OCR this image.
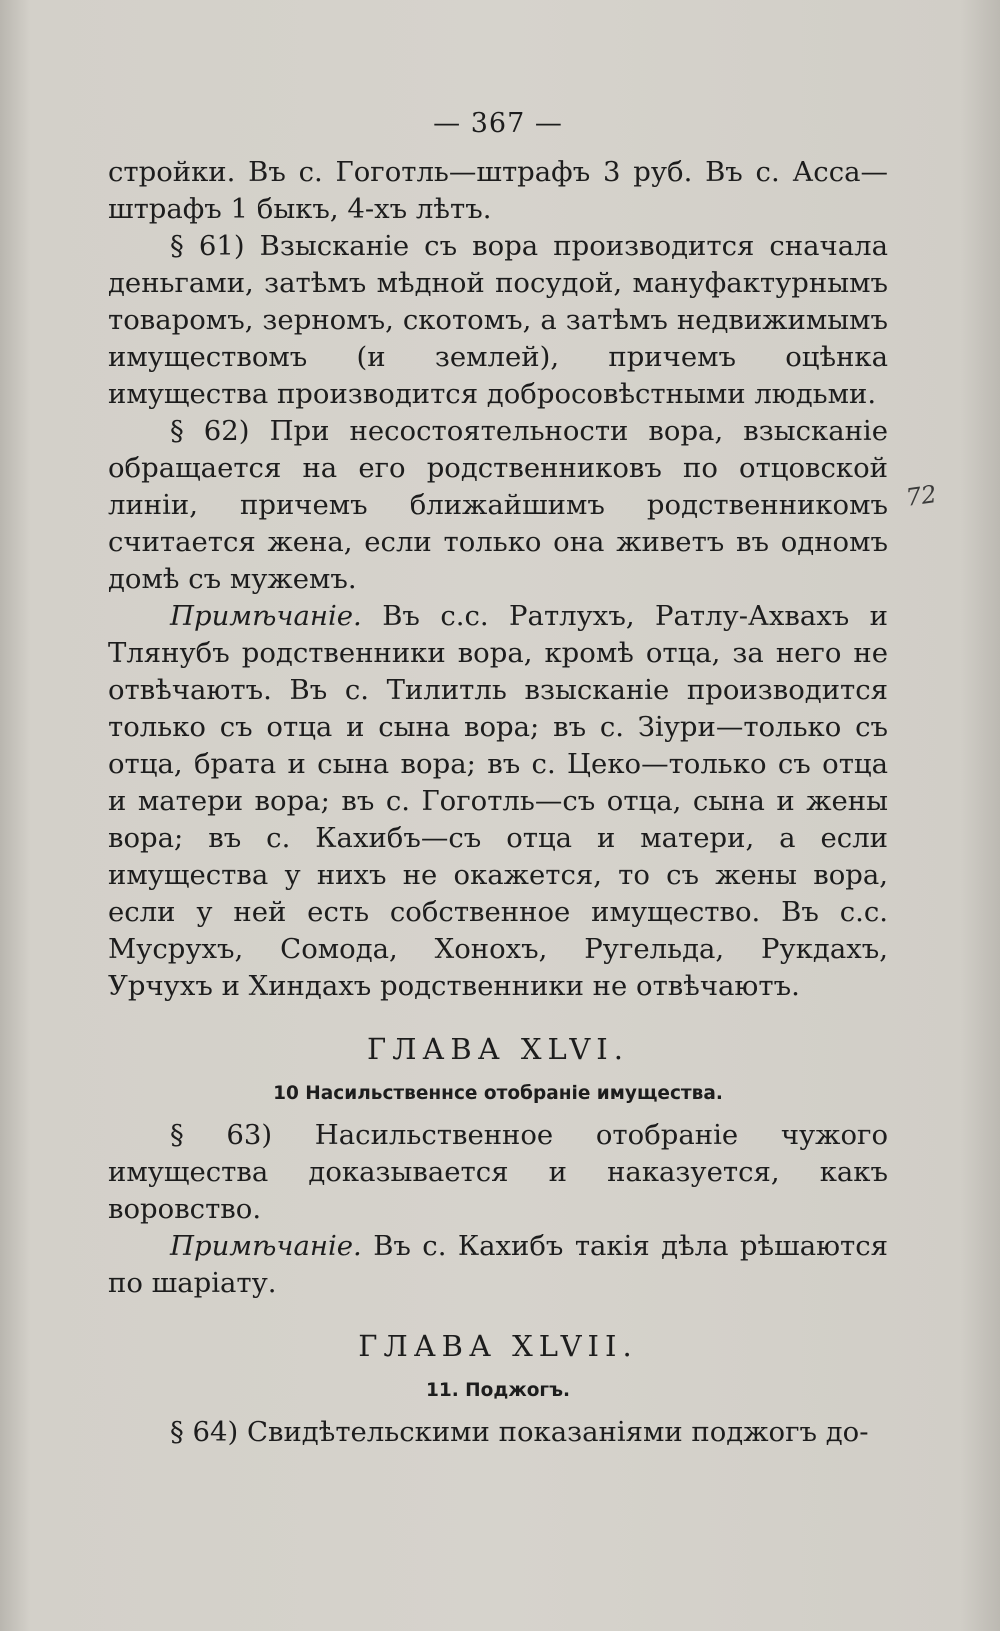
— 367 —

стройки. Въ с. Гоготль—штрафъ 3 руб. Въ с. Асса—штрафъ 1 быкъ, 4-хъ лѣтъ.

§ 61) Взысканіе съ вора производится сначала деньгами, затѣмъ мѣдной посудой, мануфактурнымъ товаромъ, зерномъ, скотомъ, а затѣмъ недвижимымъ имуществомъ (и землей), причемъ оцѣнка имущества производится добросовѣстными людьми.

§ 62) При несостоятельности вора, взысканіе обращается на его родственниковъ по отцовской линіи, причемъ ближайшимъ родственникомъ считается жена, если только она живетъ въ одномъ домѣ съ мужемъ.

Примѣчаніе. Въ с.с. Ратлухъ, Ратлу-Ахвахъ и Тлянубъ родственники вора, кромѣ отца, за него не отвѣчаютъ. Въ с. Тилитль взысканіе производится только съ отца и сына вора; въ с. Зіури—только съ отца, брата и сына вора; въ с. Цеко—только съ отца и матери вора; въ с. Гоготль—съ отца, сына и жены вора; въ с. Кахибъ—съ отца и матери, а если имущества у нихъ не окажется, то съ жены вора, если у ней есть собственное имущество. Въ с.с. Мусрухъ, Сомода, Хонохъ, Ругельда, Рукдахъ, Урчухъ и Хиндахъ родственники не отвѣчаютъ.

ГЛАВА XLVI.
10 Насильственнсе отобраніе имущества.

§ 63) Насильственное отобраніе чужого имущества доказывается и наказуется, какъ воровство.

Примѣчаніе. Въ с. Кахибъ такія дѣла рѣшаются по шаріату.

ГЛАВА XLVII.
11. Поджогъ.

§ 64) Свидѣтельскими показаніями поджогъ до-

72
